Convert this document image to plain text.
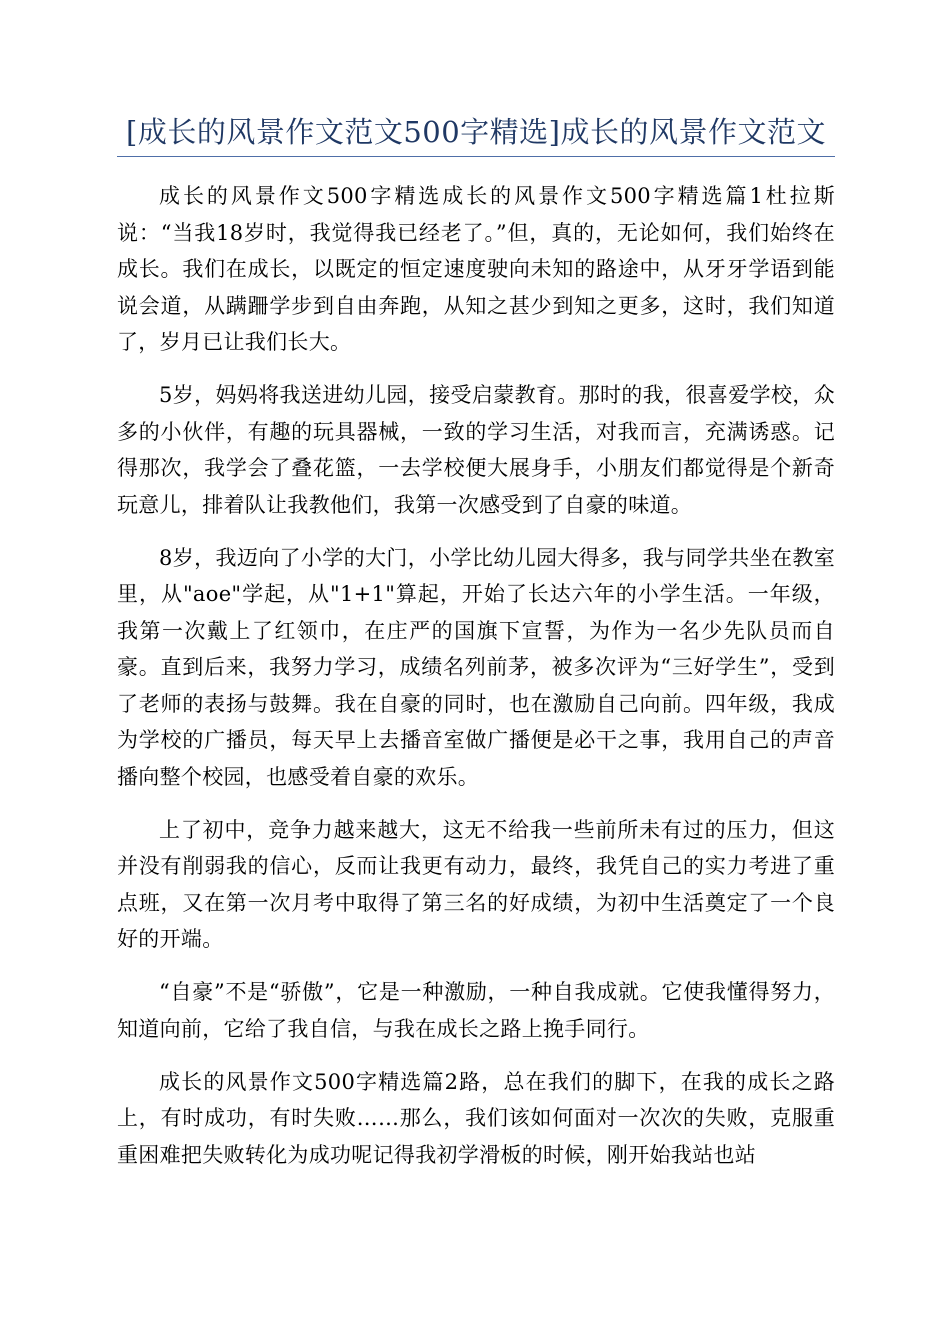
[成长的风景作文范文500字精选]成长的风景作文范文

成长的风景作文500字精选成长的风景作文500字精选篇1杜拉斯说：“当我18岁时，我觉得我已经老了。”但，真的，无论如何，我们始终在成长。我们在成长，以既定的恒定速度驶向未知的路途中，从牙牙学语到能说会道，从蹒跚学步到自由奔跑，从知之甚少到知之更多，这时，我们知道了，岁月已让我们长大。

5岁，妈妈将我送进幼儿园，接受启蒙教育。那时的我，很喜爱学校，众多的小伙伴，有趣的玩具器械，一致的学习生活，对我而言，充满诱惑。记得那次，我学会了叠花篮，一去学校便大展身手，小朋友们都觉得是个新奇玩意儿，排着队让我教他们，我第一次感受到了自豪的味道。

8岁，我迈向了小学的大门，小学比幼儿园大得多，我与同学共坐在教室里，从"aoe"学起，从"1+1"算起，开始了长达六年的小学生活。一年级，我第一次戴上了红领巾，在庄严的国旗下宣誓，为作为一名少先队员而自豪。直到后来，我努力学习，成绩名列前茅，被多次评为“三好学生”，受到了老师的表扬与鼓舞。我在自豪的同时，也在激励自己向前。四年级，我成为学校的广播员，每天早上去播音室做广播便是必干之事，我用自己的声音播向整个校园，也感受着自豪的欢乐。

上了初中，竞争力越来越大，这无不给我一些前所未有过的压力，但这并没有削弱我的信心，反而让我更有动力，最终，我凭自己的实力考进了重点班，又在第一次月考中取得了第三名的好成绩，为初中生活奠定了一个良好的开端。

“自豪”不是“骄傲”，它是一种激励，一种自我成就。它使我懂得努力，知道向前，它给了我自信，与我在成长之路上挽手同行。

成长的风景作文500字精选篇2路，总在我们的脚下，在我的成长之路上，有时成功，有时失败……那么，我们该如何面对一次次的失败，克服重重困难把失败转化为成功呢记得我初学滑板的时候，刚开始我站也站
